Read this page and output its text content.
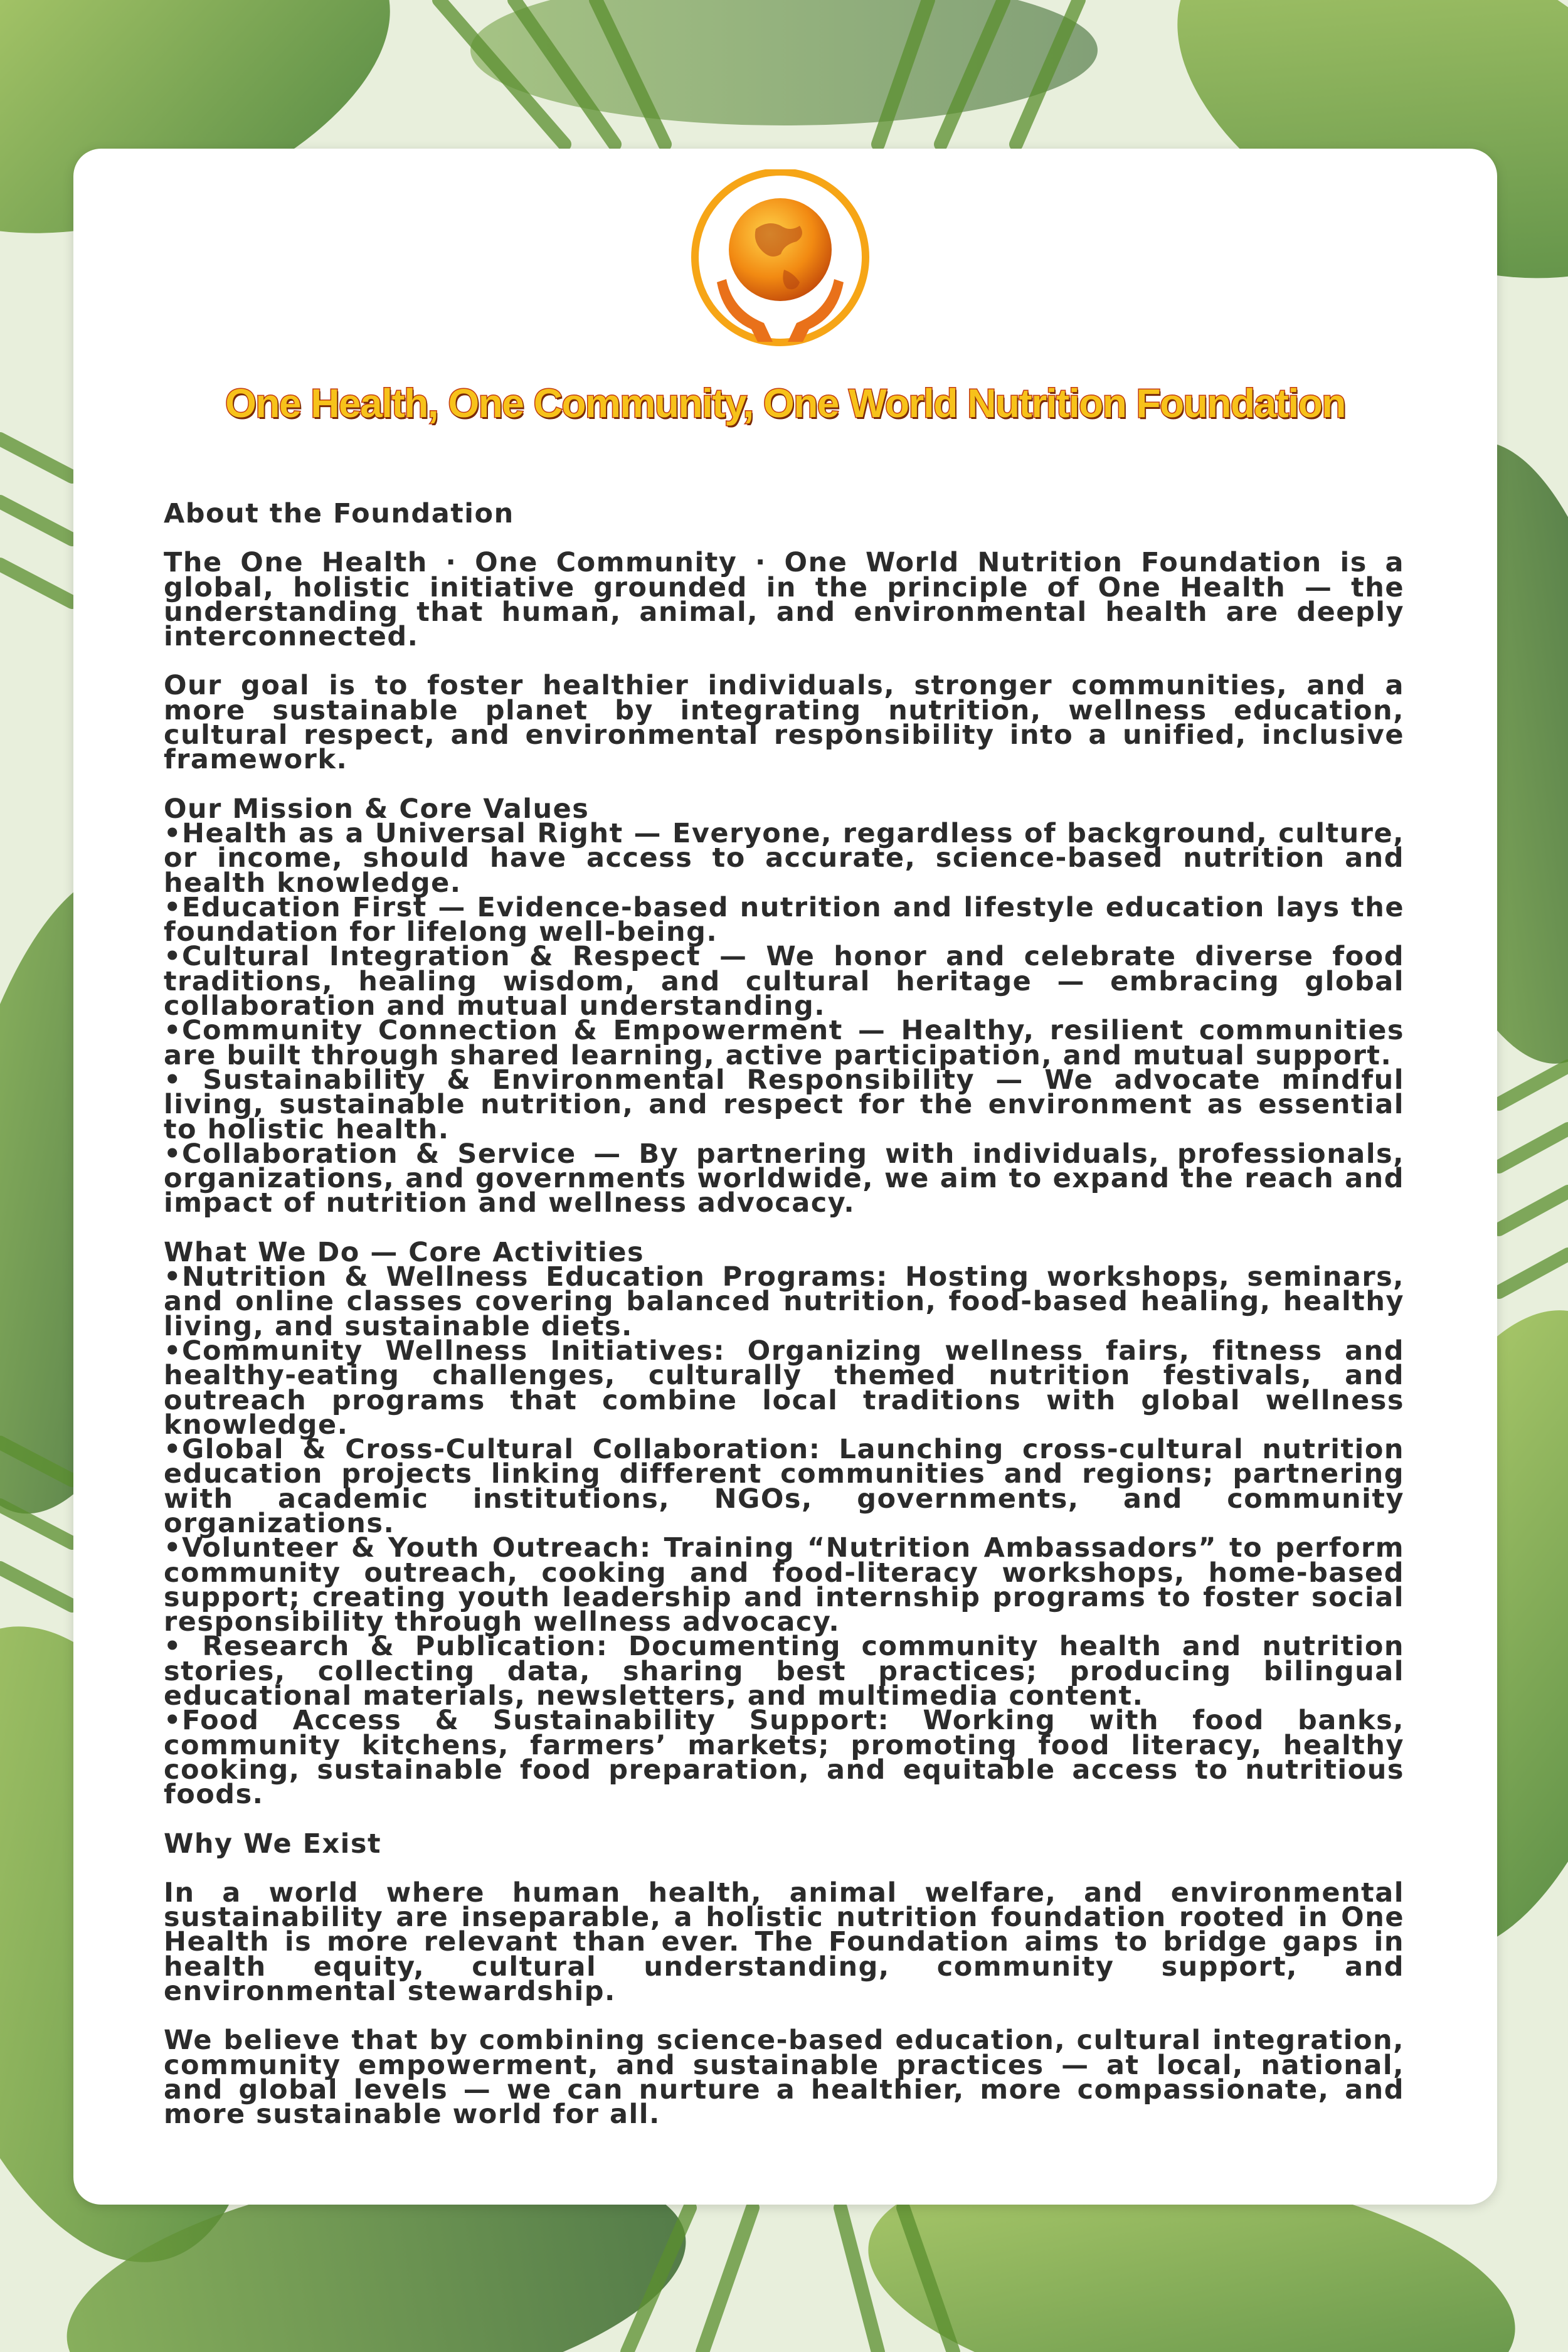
One Health, One Community, One World Nutrition Foundation

About the Foundation

The One Health · One Community · One World Nutrition Foundation is a global, holistic initiative grounded in the principle of One Health — the understanding that human, animal, and environmental health are deeply interconnected.

Our goal is to foster healthier individuals, stronger communities, and a more sustainable planet by integrating nutrition, wellness education, cultural respect, and environmental responsibility into a unified, inclusive framework.

Our Mission & Core Values

•Health as a Universal Right — Everyone, regardless of background, culture, or income, should have access to accurate, science-based nutrition and health knowledge.

•Education First — Evidence-based nutrition and lifestyle education lays the foundation for lifelong well-being.

•Cultural Integration & Respect — We honor and celebrate diverse food traditions, healing wisdom, and cultural heritage — embracing global collaboration and mutual understanding.

•Community Connection & Empowerment — Healthy, resilient communities are built through shared learning, active participation, and mutual support.

• Sustainability & Environmental Responsibility — We advocate mindful living, sustainable nutrition, and respect for the environment as essential to holistic health.

•Collaboration & Service — By partnering with individuals, professionals, organizations, and governments worldwide, we aim to expand the reach and impact of nutrition and wellness advocacy.

What We Do — Core Activities

•Nutrition & Wellness Education Programs: Hosting workshops, seminars, and online classes covering balanced nutrition, food-based healing, healthy living, and sustainable diets.

•Community Wellness Initiatives: Organizing wellness fairs, fitness and healthy-eating challenges, culturally themed nutrition festivals, and outreach programs that combine local traditions with global wellness knowledge.

•Global & Cross-Cultural Collaboration: Launching cross-cultural nutrition education projects linking different communities and regions; partnering with academic institutions, NGOs, governments, and community organizations.

•Volunteer & Youth Outreach: Training “Nutrition Ambassadors” to perform community outreach, cooking and food-literacy workshops, home-based support; creating youth leadership and internship programs to foster social responsibility through wellness advocacy.

• Research & Publication: Documenting community health and nutrition stories, collecting data, sharing best practices; producing bilingual educational materials, newsletters, and multimedia content.

•Food Access & Sustainability Support: Working with food banks, community kitchens, farmers’ markets; promoting food literacy, healthy cooking, sustainable food preparation, and equitable access to nutritious foods.

Why We Exist

In a world where human health, animal welfare, and environmental sustainability are inseparable, a holistic nutrition foundation rooted in One Health is more relevant than ever. The Foundation aims to bridge gaps in health equity, cultural understanding, community support, and environmental stewardship.

We believe that by combining science-based education, cultural integration, community empowerment, and sustainable practices — at local, national, and global levels — we can nurture a healthier, more compassionate, and more sustainable world for all.
